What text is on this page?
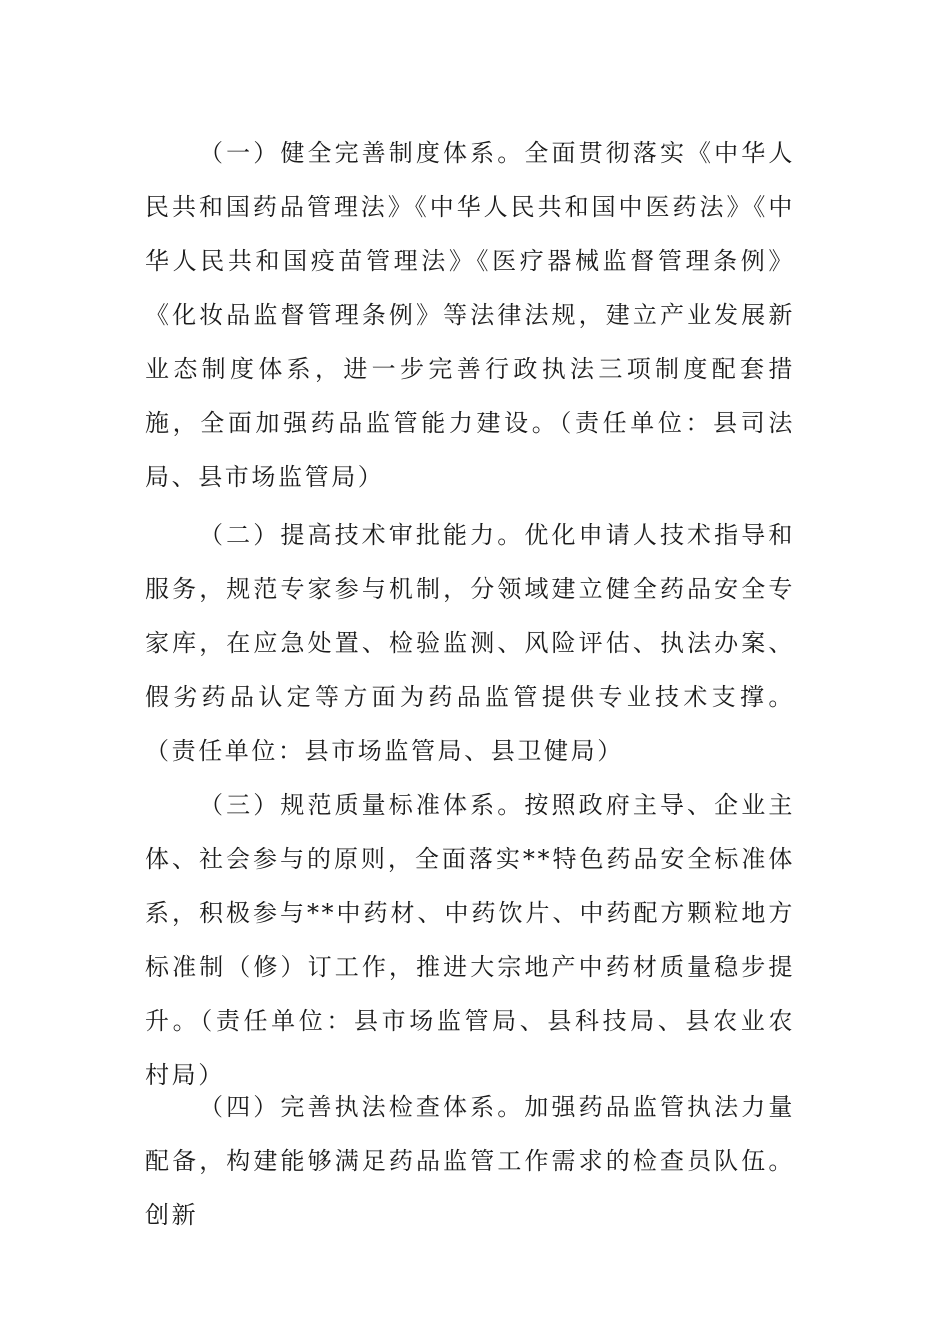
（一）健全完善制度体系。全面贯彻落实《中华人民共和国药品管理法》《中华人民共和国中医药法》《中华人民共和国疫苗管理法》《医疗器械监督管理条例》《化妆品监督管理条例》等法律法规，建立产业发展新业态制度体系，进一步完善行政执法三项制度配套措施，全面加强药品监管能力建设。（责任单位：县司法局、县市场监管局）

（二）提高技术审批能力。优化申请人技术指导和服务，规范专家参与机制，分领域建立健全药品安全专家库，在应急处置、检验监测、风险评估、执法办案、假劣药品认定等方面为药品监管提供专业技术支撑。（责任单位：县市场监管局、县卫健局）

（三）规范质量标准体系。按照政府主导、企业主体、社会参与的原则，全面落实**特色药品安全标准体系，积极参与**中药材、中药饮片、中药配方颗粒地方标准制（修）订工作，推进大宗地产中药材质量稳步提升。（责任单位：县市场监管局、县科技局、县农业农村局）

（四）完善执法检查体系。加强药品监管执法力量配备，构建能够满足药品监管工作需求的检查员队伍。创新
